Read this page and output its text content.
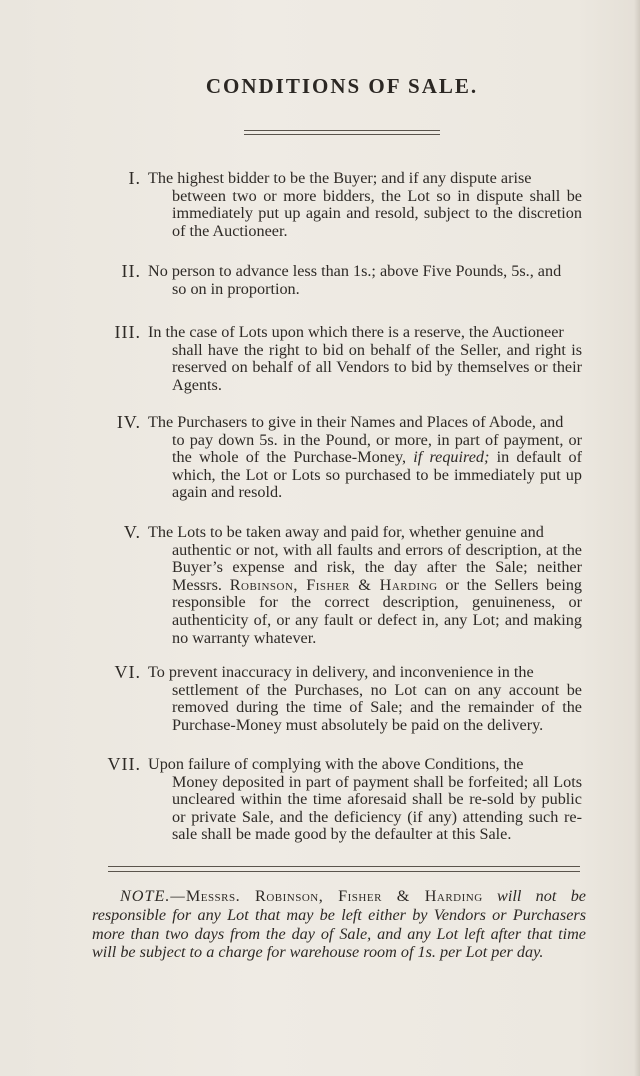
CONDITIONS OF SALE.
I. The highest bidder to be the Buyer; and if any dispute arise
between two or more bidders, the Lot so in dispute shall be immediately put up again and resold, subject to the discretion of the Auctioneer.
II. No person to advance less than 1s.; above Five Pounds, 5s., and
so on in proportion.
III. In the case of Lots upon which there is a reserve, the Auctioneer
shall have the right to bid on behalf of the Seller, and right is reserved on behalf of all Vendors to bid by themselves or their Agents.
IV. The Purchasers to give in their Names and Places of Abode, and
to pay down 5s. in the Pound, or more, in part of payment, or the whole of the Purchase-Money, if required; in default of which, the Lot or Lots so purchased to be immediately put up again and resold.
V. The Lots to be taken away and paid for, whether genuine and
authentic or not, with all faults and errors of description, at the Buyer’s expense and risk, the day after the Sale; neither Messrs. Robinson, Fisher & Harding or the Sellers being responsible for the correct description, genuineness, or authenticity of, or any fault or defect in, any Lot; and making no warranty whatever.
VI. To prevent inaccuracy in delivery, and inconvenience in the
settlement of the Purchases, no Lot can on any account be removed during the time of Sale; and the remainder of the Purchase-Money must absolutely be paid on the delivery.
VII. Upon failure of complying with the above Conditions, the
Money deposited in part of payment shall be forfeited; all Lots uncleared within the time aforesaid shall be re-sold by public or private Sale, and the deficiency (if any) attending such re-sale shall be made good by the defaulter at this Sale.
NOTE.—Messrs. Robinson, Fisher & Harding will not be responsible for any Lot that may be left either by Vendors or Purchasers more than two days from the day of Sale, and any Lot left after that time will be subject to a charge for warehouse room of 1s. per Lot per day.
